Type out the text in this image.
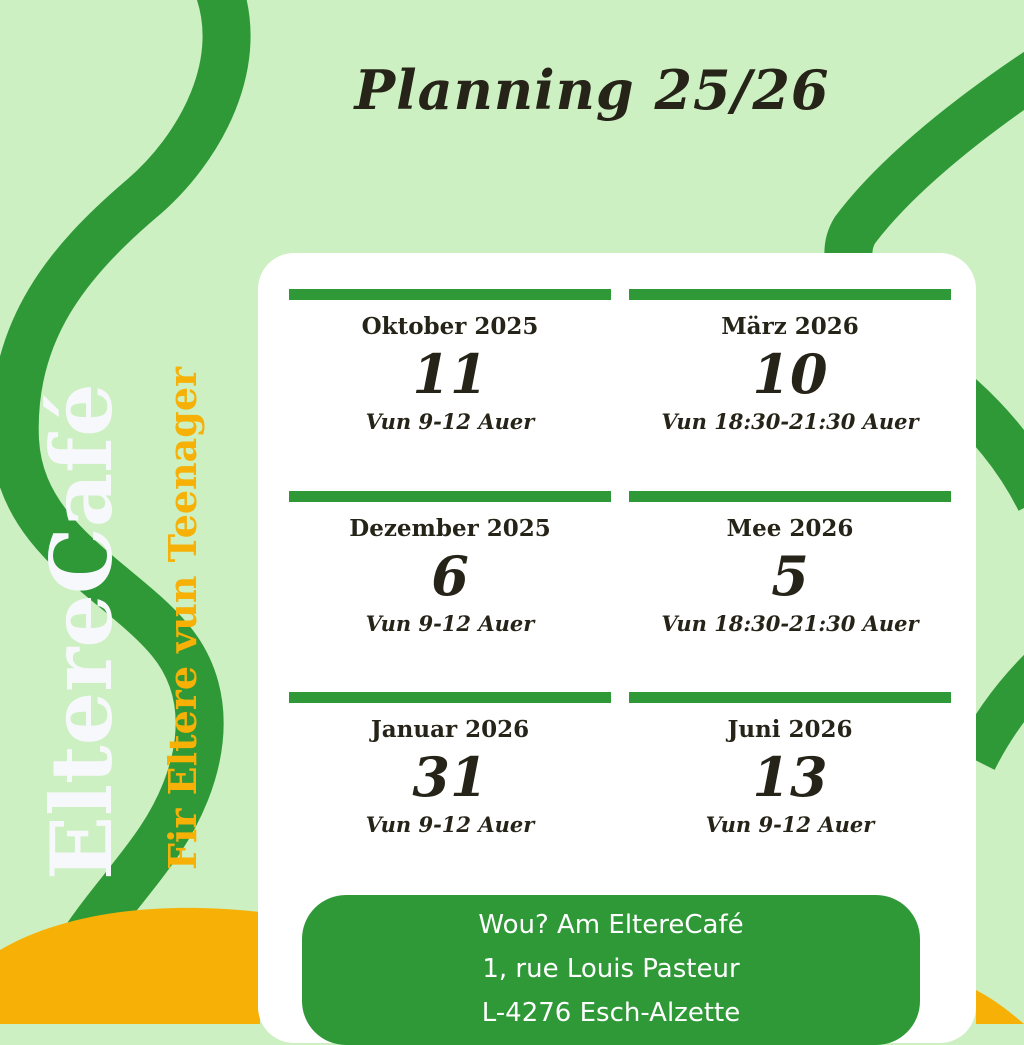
Planning 25/26
EltereCafé Fir Eltere vun Teenager
Oktober 2025
11
Vun 9-12 Auer
März 2026
10
Vun 18:30-21:30 Auer
Dezember 2025
6
Vun 9-12 Auer
Mee 2026
5
Vun 18:30-21:30 Auer
Januar 2026
31
Vun 9-12 Auer
Juni 2026
13
Vun 9-12 Auer
Wou? Am EltereCafé
1, rue Louis Pasteur
L-4276 Esch-Alzette
